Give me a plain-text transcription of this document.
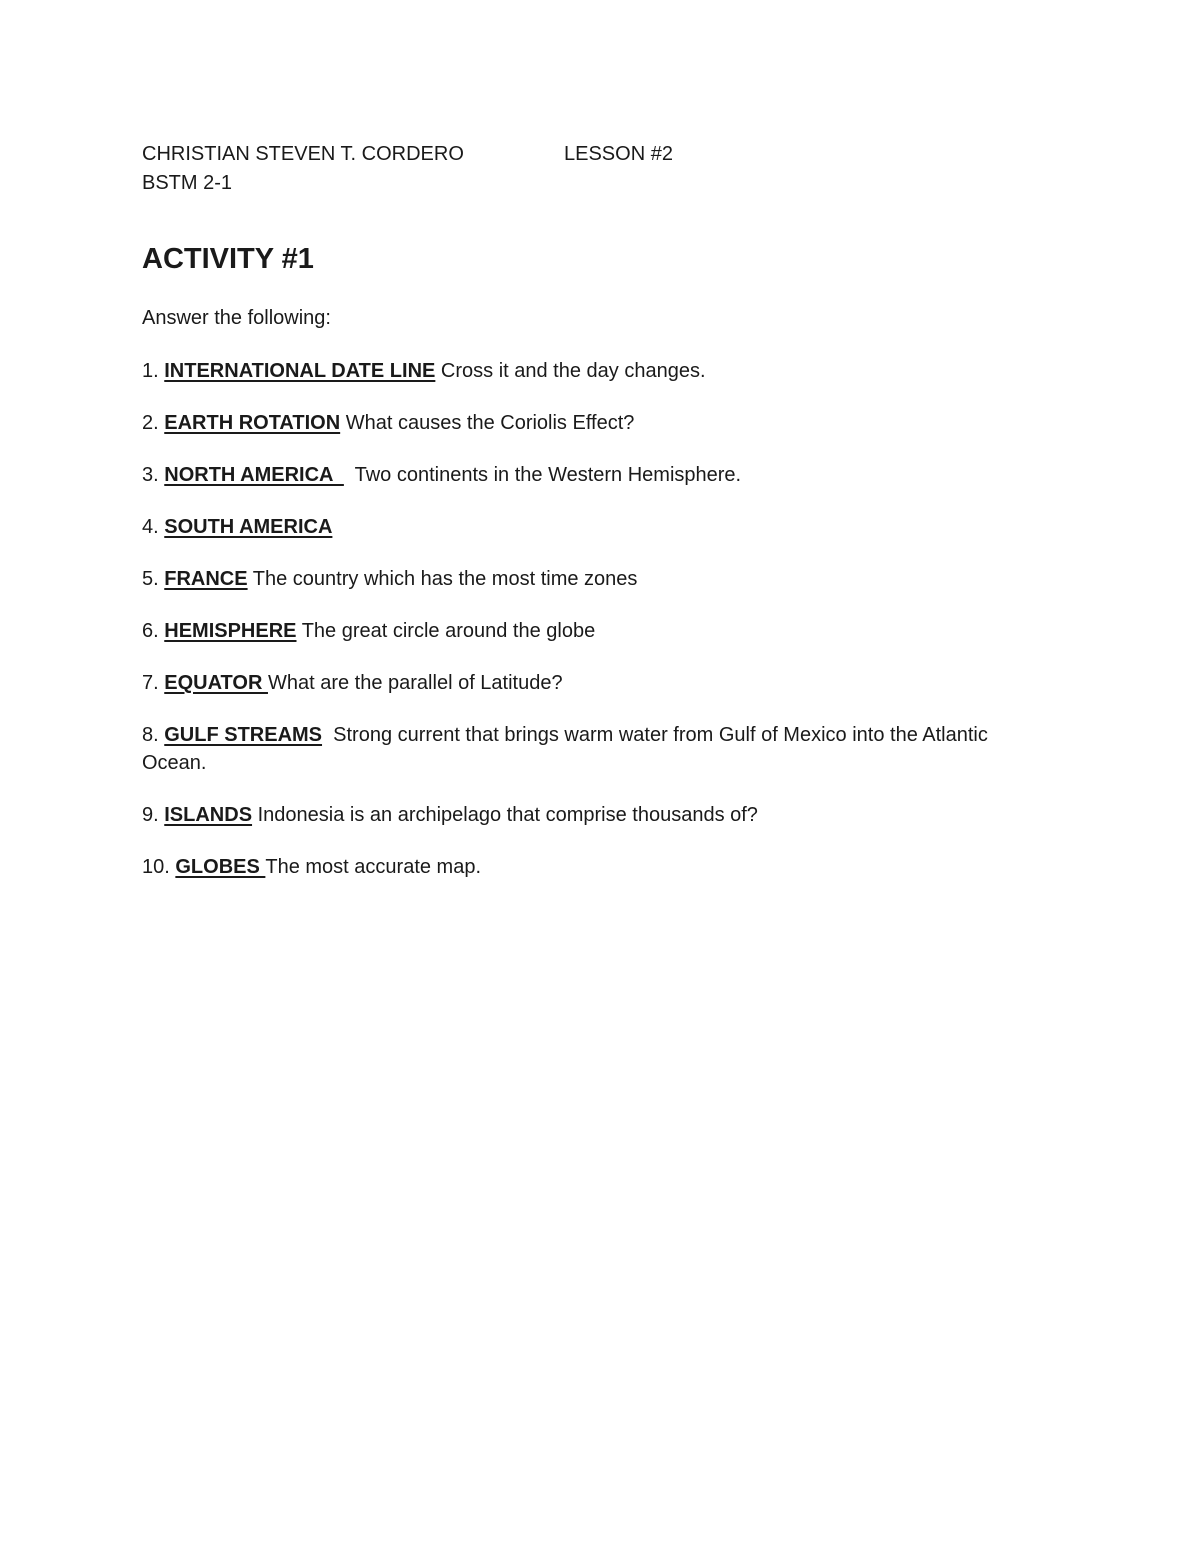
CHRISTIAN STEVEN T. CORDERO	LESSON #2
BSTM 2-1
ACTIVITY #1
Answer the following:
1. INTERNATIONAL DATE LINE Cross it and the day changes.
2. EARTH ROTATION What causes the Coriolis Effect?
3. NORTH AMERICA    Two continents in the Western Hemisphere.
4. SOUTH AMERICA
5. FRANCE The country which has the most time zones
6. HEMISPHERE The great circle around the globe
7. EQUATOR What are the parallel of Latitude?
8. GULF STREAMS  Strong current that brings warm water from Gulf of Mexico into the Atlantic Ocean.
9. ISLANDS Indonesia is an archipelago that comprise thousands of?
10. GLOBES The most accurate map.
